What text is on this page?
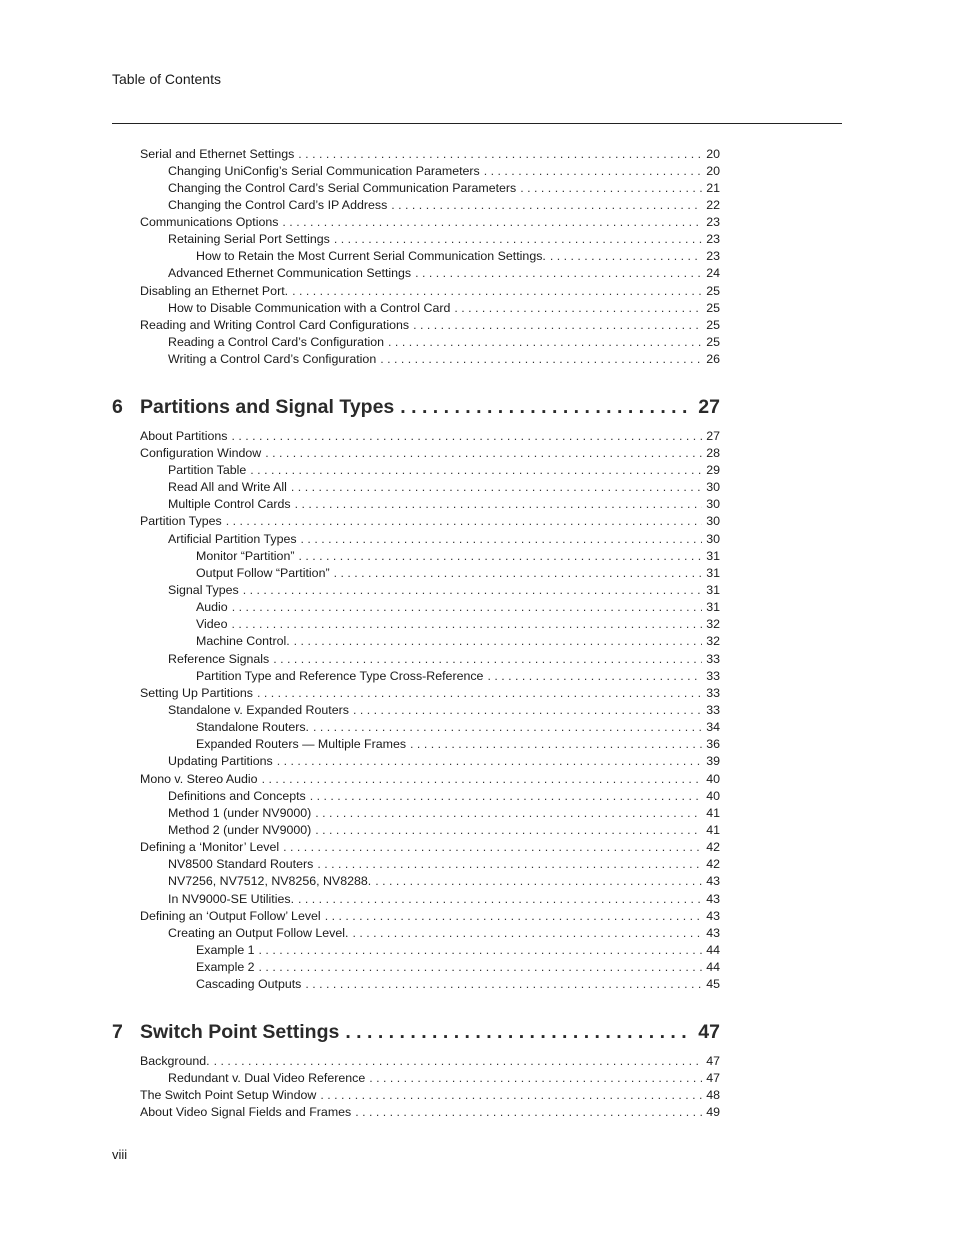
Table of Contents
Serial and Ethernet Settings . . .	20
Changing UniConfig’s Serial Communication Parameters . . .	20
Changing the Control Card’s Serial Communication Parameters . . .	21
Changing the Control Card’s IP Address . . .	22
Communications Options . . .	23
Retaining Serial Port Settings . . .	23
How to Retain the Most Current Serial Communication Settings. . . .	23
Advanced Ethernet Communication Settings . . .	24
Disabling an Ethernet Port. . . .	25
How to Disable Communication with a Control Card . . .	25
Reading and Writing Control Card Configurations . . .	25
Reading a Control Card’s Configuration . . .	25
Writing a Control Card’s Configuration . . .	26
6 Partitions and Signal Types . . .	27
About Partitions . . .	27
Configuration Window . . .	28
Partition Table . . .	29
Read All and Write All . . .	30
Multiple Control Cards . . .	30
Partition Types . . .	30
Artificial Partition Types . . .	30
Monitor “Partition” . . .	31
Output Follow “Partition” . . .	31
Signal Types . . .	31
Audio . . .	31
Video . . .	32
Machine Control. . . .	32
Reference Signals . . .	33
Partition Type and Reference Type Cross-Reference . . .	33
Setting Up Partitions . . .	33
Standalone v. Expanded Routers . . .	33
Standalone Routers. . . .	34
Expanded Routers — Multiple Frames . . .	36
Updating Partitions . . .	39
Mono v. Stereo Audio . . .	40
Definitions and Concepts . . .	40
Method 1 (under NV9000) . . .	41
Method 2 (under NV9000) . . .	41
Defining a ‘Monitor’ Level . . .	42
NV8500 Standard Routers . . .	42
NV7256, NV7512, NV8256, NV8288. . . .	43
In NV9000-SE Utilities. . . .	43
Defining an ‘Output Follow’ Level . . .	43
Creating an Output Follow Level. . . .	43
Example 1 . . .	44
Example 2 . . .	44
Cascading Outputs . . .	45
7 Switch Point Settings . . .	47
Background. . . .	47
Redundant v. Dual Video Reference . . .	47
The Switch Point Setup Window . . .	48
About Video Signal Fields and Frames . . .	49
viii
